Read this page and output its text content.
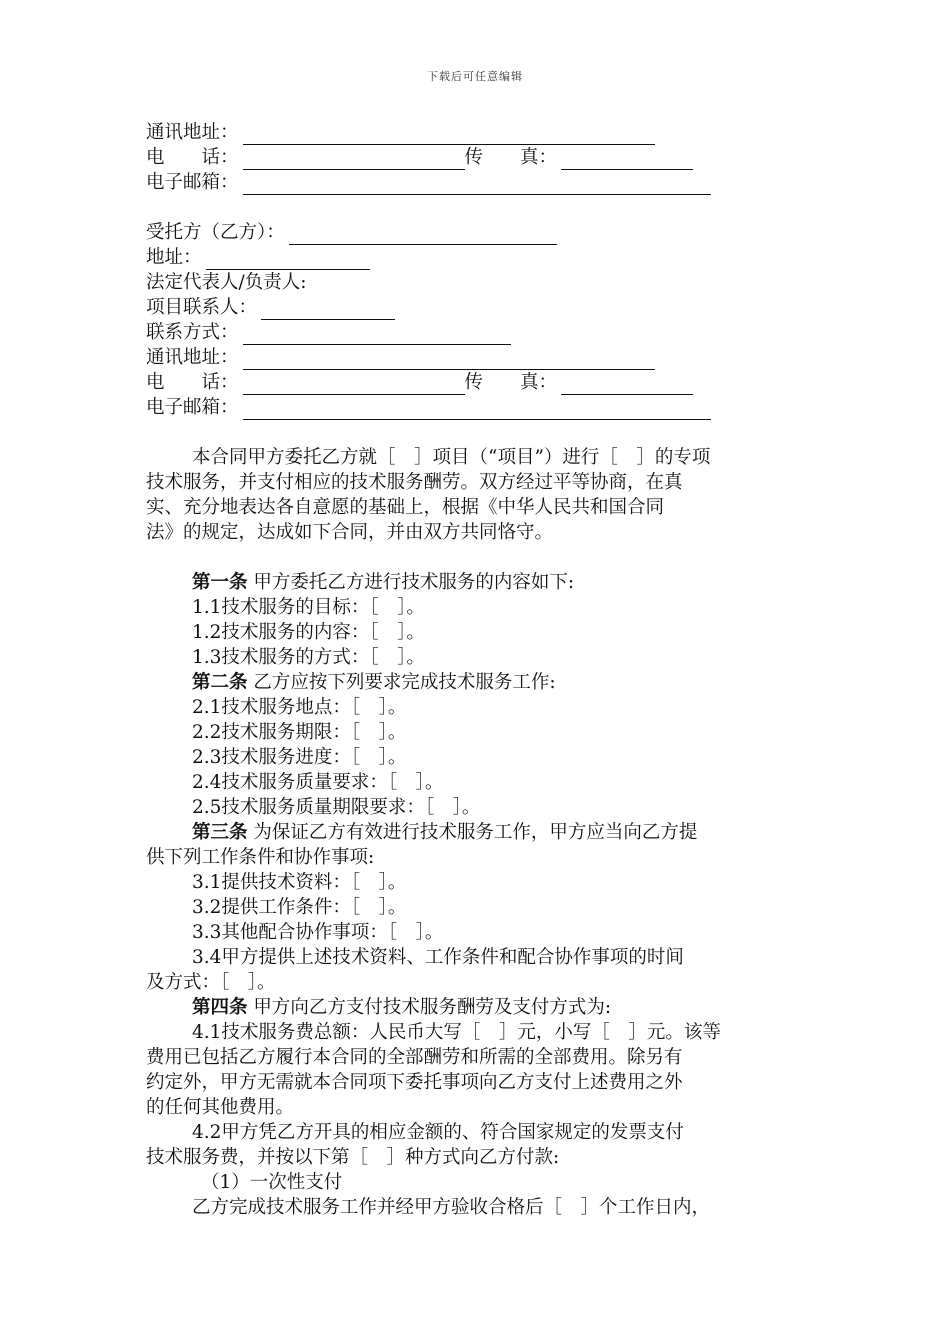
下载后可任意编辑
通讯地址：
电　　话：	传　　真：
电子邮箱：
受托方（乙方）：
地址：
法定代表人/负责人:
项目联系人：
联系方式：
通讯地址：
电　　话：	传　　真：
电子邮箱：
本合同甲方委托乙方就［　］项目（“项目”）进行［　］的专项
技术服务，并支付相应的技术服务酬劳。双方经过平等协商，在真
实、充分地表达各自意愿的基础上，根据《中华人民共和国合同
法》的规定，达成如下合同，并由双方共同恪守。
第一条 甲方委托乙方进行技术服务的内容如下:
1.1技术服务的目标：［　］。
1.2技术服务的内容：［　］。
1.3技术服务的方式：［　］。
第二条 乙方应按下列要求完成技术服务工作:
2.1技术服务地点：［　］。
2.2技术服务期限：［　］。
2.3技术服务进度：［　］。
2.4技术服务质量要求：［　］。
2.5技术服务质量期限要求：［　］。
第三条 为保证乙方有效进行技术服务工作，甲方应当向乙方提
供下列工作条件和协作事项:
3.1提供技术资料：［　］。
3.2提供工作条件：［　］。
3.3其他配合协作事项：［　］。
3.4甲方提供上述技术资料、工作条件和配合协作事项的时间
及方式：［　］。
第四条 甲方向乙方支付技术服务酬劳及支付方式为:
4.1技术服务费总额：人民币大写［　］元，小写［　］元。该等
费用已包括乙方履行本合同的全部酬劳和所需的全部费用。除另有
约定外，甲方无需就本合同项下委托事项向乙方支付上述费用之外
的任何其他费用。
4.2甲方凭乙方开具的相应金额的、符合国家规定的发票支付
技术服务费，并按以下第［　］种方式向乙方付款:
（1）一次性支付
乙方完成技术服务工作并经甲方验收合格后［　］个工作日内，
